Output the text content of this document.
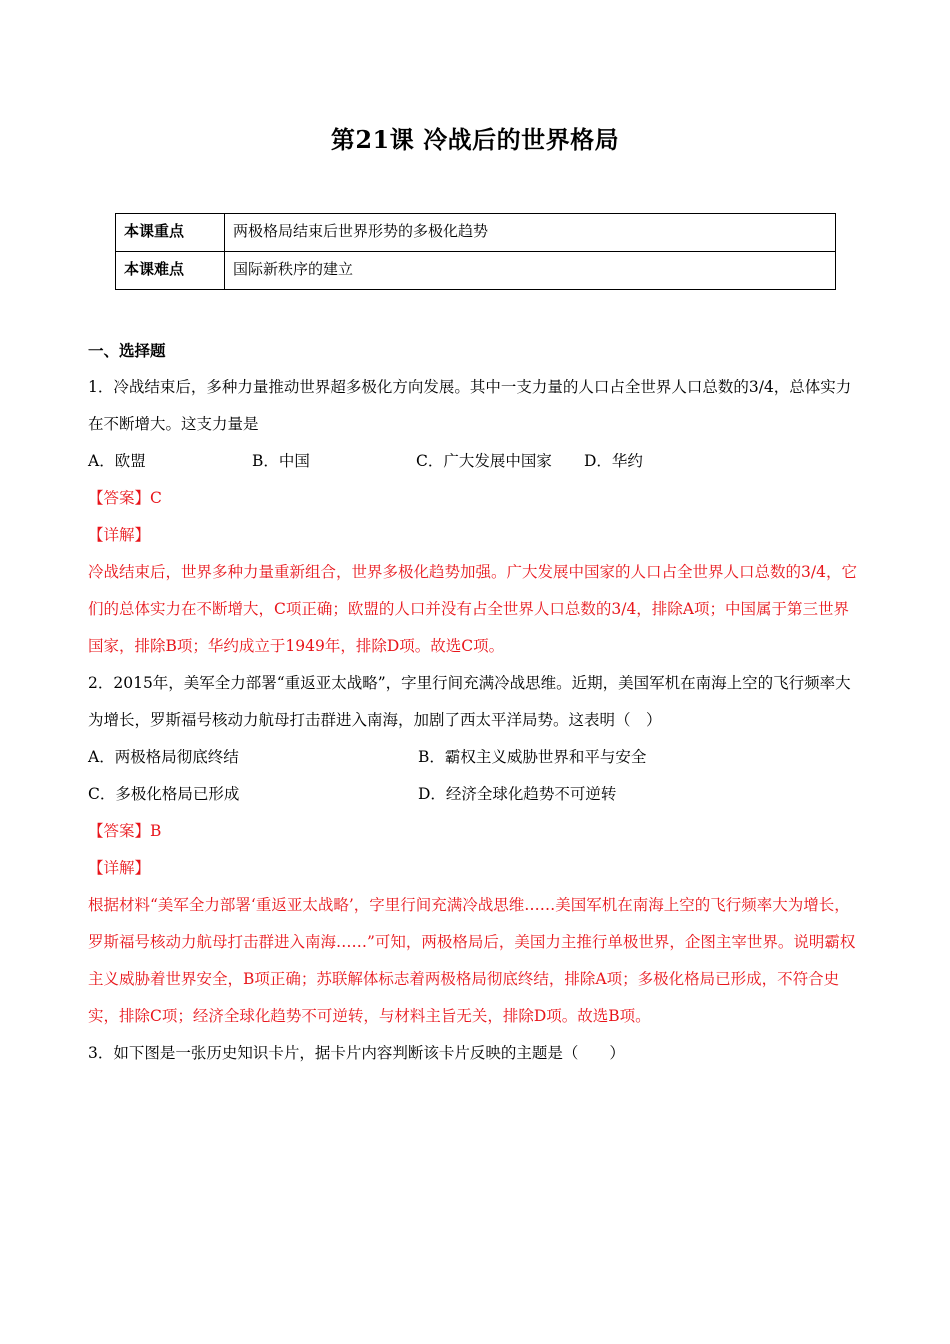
第21课 冷战后的世界格局
本课重点	两极格局结束后世界形势的多极化趋势
本课难点	国际新秩序的建立

一、选择题

1．冷战结束后，多种力量推动世界超多极化方向发展。其中一支力量的人口占全世界人口总数的3/4，总体实力在不断增大。这支力量是

A．欧盟	B．中国	C．广大发展中国家	D．华约

【答案】C

【详解】

冷战结束后，世界多种力量重新组合，世界多极化趋势加强。广大发展中国家的人口占全世界人口总数的3/4，它们的总体实力在不断增大，C项正确；欧盟的人口并没有占全世界人口总数的3/4，排除A项；中国属于第三世界国家，排除B项；华约成立于1949年，排除D项。故选C项。

2．2015年，美军全力部署“重返亚太战略”，字里行间充满冷战思维。近期，美国军机在南海上空的飞行频率大为增长，罗斯福号核动力航母打击群进入南海，加剧了西太平洋局势。这表明（　）

A．两极格局彻底终结	B．霸权主义威胁世界和平与安全
C．多极化格局已形成	D．经济全球化趋势不可逆转

【答案】B

【详解】

根据材料“美军全力部署‘重返亚太战略’，字里行间充满冷战思维……美国军机在南海上空的飞行频率大为增长，罗斯福号核动力航母打击群进入南海……”可知，两极格局后，美国力主推行单极世界，企图主宰世界。说明霸权主义威胁着世界安全，B项正确；苏联解体标志着两极格局彻底终结，排除A项；多极化格局已形成，不符合史实，排除C项；经济全球化趋势不可逆转，与材料主旨无关，排除D项。故选B项。

3．如下图是一张历史知识卡片，据卡片内容判断该卡片反映的主题是（　　）
